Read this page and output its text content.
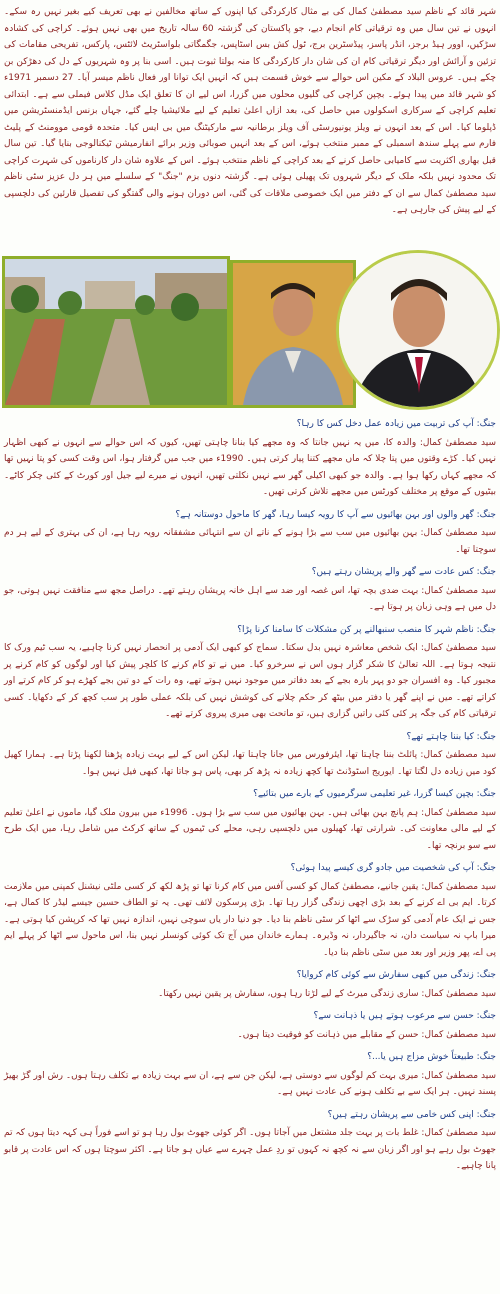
شہر قائد کے ناظم سید مصطفیٰ کمال کی بے مثال کارکردگی کیا اپنوں کے ساتھ مخالفین نے بھی تعریف کیے بغیر نہیں رہ سکے۔ انہوں نے تین سال میں وہ ترقیاتی کام انجام دیے، جو پاکستان کی گزشتہ 60 سالہ تاریخ میں بھی نہیں ہوئے۔ کراچی کی کشادہ سڑکیں، اوور ہیڈ برجز، انڈر پاسز، پیڈسٹرین برج، ٹول کش بس اسٹاپس، جگمگاتی بلواسٹریٹ لائٹس، پارکس، تفریحی مقامات کی تزئین و آرائش اور دیگر ترقیاتی کام ان کی شان دار کارکردگی کا منہ بولتا ثبوت ہیں۔ اسی بنا پر وہ شہریوں کے دل کی دھڑکن بن چکے ہیں۔ عروس البلاد کے مکین اس حوالے سے خوش قسمت ہیں کہ انہیں ایک توانا اور فعال ناظم میسر آیا۔ 27 دسمبر 1971ء کو شہر قائد میں پیدا ہوئے۔ بچپن کراچی کی گلیوں محلوں میں گزرا، اس لیے ان کا تعلق ایک مڈل کلاس فیملی سے ہے۔ ابتدائی تعلیم کراچی کے سرکاری اسکولوں میں حاصل کی، بعد ازاں اعلیٰ تعلیم کے لیے ملائیشیا چلے گئے، جہاں بزنس ایڈمنسٹریشن میں ڈپلوما کیا۔ اس کے بعد انہوں نے ویلز یونیورسٹی آف ویلز برطانیہ سے مارکیٹنگ میں بی ایس کیا۔ متحدہ قومی موومنٹ کے پلیٹ فارم سے پہلے سندھ اسمبلی کے ممبر منتخب ہوئے، اس کے بعد انہیں صوبائی وزیر برائے انفارمیشن ٹیکنالوجی بنایا گیا۔ تین سال قبل بھاری اکثریت سے کامیابی حاصل کرنے کے بعد کراچی کے ناظم منتخب ہوئے۔ اس کے علاوہ شان دار کارناموں کی شہرت کراچی تک محدود نہیں بلکہ ملک کے دیگر شہروں تک پھیلی ہوئی ہے۔ گزشتہ دنوں بزم "جنگ" کے سلسلے میں ہر دل عزیز سٹی ناظم سید مصطفیٰ کمال سے ان کے دفتر میں ایک خصوصی ملاقات کی گئی، اس دوران ہونے والی گفتگو کی تفصیل قارئین کی دلچسپی کے لیے پیش کی جارہی ہے۔

جنگ: آپ کی تربیت میں زیادہ عمل دخل کس کا رہا؟

سید مصطفیٰ کمال: والدہ کا، میں یہ نہیں جانتا کہ وہ مجھے کیا بنانا چاہتی تھیں، کیوں کہ اس حوالے سے انہوں نے کبھی اظہار نہیں کیا۔ کڑے وقتوں میں پتا چلا کہ ماں مجھے کتنا پیار کرتی ہیں۔ 1990ء میں جب میں گرفتار ہوا، اس وقت کسی کو پتا نہیں تھا کہ مجھے کہاں رکھا ہوا ہے۔ والدہ جو کبھی اکیلی گھر سے نہیں نکلتی تھیں، انہوں نے میرے لیے جیل اور کورٹ کے کئی چکر کاٹے۔ بیٹیوں کے موقع پر مختلف کورٹس میں مجھے تلاش کرتی تھیں۔

جنگ: گھر والوں اور بہن بھائیوں سے آپ کا رویہ کیسا رہا، گھر کا ماحول دوستانہ ہے؟

سید مصطفیٰ کمال: بہن بھائیوں میں سب سے بڑا ہونے کے ناتے ان سے انتہائی مشفقانہ رویہ رہا ہے، ان کی بہتری کے لیے ہر دم سوچتا تھا۔

جنگ: کس عادت سے گھر والے پریشان رہتے ہیں؟

سید مصطفیٰ کمال: بہت ضدی بچہ تھا، اس غصہ اور ضد سے اہل خانہ پریشان رہتے تھے۔ دراصل مجھ سے منافقت نہیں ہوتی، جو دل میں ہے وہی زبان پر ہوتا ہے۔

جنگ: ناظم شہر کا منصب سنبھالنے پر کن مشکلات کا سامنا کرنا پڑا؟

سید مصطفیٰ کمال: ایک شخص معاشرہ نہیں بدل سکتا۔ سماج کو کبھی ایک آدمی پر انحصار نہیں کرنا چاہیے، یہ سب ٹیم ورک کا نتیجہ ہوتا ہے۔ اللہ تعالیٰ کا شکر گزار ہوں اس نے سرخرو کیا۔ میں نے تو کام کرنے کا کلچر پیش کیا اور لوگوں کو کام کرنے پر مجبور کیا۔ وہ افسران جو دو پہر بارہ بجے کے بعد دفاتر میں موجود نہیں ہوتے تھے، وہ رات کے دو تین بجے کھڑے ہو کر کام کرتے اور کراتے تھے۔ میں نے اپنے گھر یا دفتر میں بیٹھ کر حکم چلانے کی کوشش نہیں کی بلکہ عملی طور پر سب کچھ کر کے دکھایا۔ کسی ترقیاتی کام کی جگہ پر کئی کئی راتیں گزاری ہیں، تو ماتحت بھی میری پیروی کرتے تھے۔

جنگ: کیا بننا چاہتے تھے؟

سید مصطفیٰ کمال: پائلٹ بننا چاہتا تھا، ایئرفورس میں جانا چاہتا تھا، لیکن اس کے لیے بہت زیادہ پڑھنا لکھنا پڑتا ہے۔ ہمارا کھیل کود میں زیادہ دل لگتا تھا۔ ایوریج اسٹوڈنٹ تھا کچھ زیادہ نہ پڑھ کر بھی، پاس ہو جاتا تھا، کبھی فیل نہیں ہوا۔

جنگ: بچپن کیسا گزرا، غیر تعلیمی سرگرمیوں کے بارے میں بتائیے؟

سید مصطفیٰ کمال: ہم پانچ بہن بھائی ہیں۔ بہن بھائیوں میں سب سے بڑا ہوں۔ 1996ء میں بیرون ملک گیا، ماموں نے اعلیٰ تعلیم کے لیے مالی معاونت کی۔ شرارتی تھا، کھیلوں میں دلچسپی رہی، محلے کی ٹیموں کے ساتھ کرکٹ میں شامل رہا، میں ایک طرح سے سو برنچہ تھا۔

جنگ: آپ کی شخصیت میں جادو گری کیسے پیدا ہوئی؟

سید مصطفیٰ کمال: یقین جانیے، مصطفیٰ کمال کو کسی آفس میں کام کرنا تھا تو پڑھ لکھ کر کسی ملٹی نیشنل کمپنی میں ملازمت کرتا۔ ایم بی اے کرنے کے بعد بڑی اچھی زندگی گزار رہا تھا۔ بڑی پرسکون لائف تھی۔ یہ تو الطاف حسین جیسے لیڈر کا کمال ہے، جس نے ایک عام آدمی کو سڑک سے اٹھا کر سٹی ناظم بنا دیا۔ جو دنیا دار یاں سوچی نہیں، اندازہ نہیں تھا کہ کرپشن کیا ہوتی ہے۔ میرا باپ نہ سیاست دان، نہ جاگیردار، نہ وڈیرہ۔ ہمارے خاندان میں آج تک کوئی کونسلر نہیں بنا، اس ماحول سے اٹھا کر پہلے ایم پی اے، پھر وزیر اور بعد میں سٹی ناظم بنا دیا۔

جنگ: زندگی میں کبھی سفارش سے کوئی کام کروایا؟

سید مصطفیٰ کمال: ساری زندگی میرٹ کے لیے لڑتا رہا ہوں، سفارش پر یقین نہیں رکھتا۔

جنگ: حسن سے مرعوب ہوتے ہیں یا ذہانت سے؟

سید مصطفیٰ کمال: حسن کے مقابلے میں ذہانت کو فوقیت دیتا ہوں۔

جنگ: طبیعتاً خوش مزاج ہیں یا...؟

سید مصطفیٰ کمال: میری بہت کم لوگوں سے دوستی ہے، لیکن جن سے ہے، ان سے بہت زیادہ بے تکلف رہتا ہوں۔ رش اور گڑ بھیڑ پسند نہیں۔ ہر ایک سے بے تکلف ہونے کی عادت نہیں ہے۔

جنگ: اپنی کس خامی سے پریشان رہتے ہیں؟

سید مصطفیٰ کمال: غلط بات پر بہت جلد مشتعل میں آجاتا ہوں۔ اگر کوئی جھوٹ بول رہا ہو تو اسے فوراً ہی کہہ دیتا ہوں کہ تم جھوٹ بول رہے ہو اور اگر زبان سے نہ کچھ نہ کہوں تو ردِ عمل چہرے سے عیاں ہو جاتا ہے۔ اکثر سوچتا ہوں کہ اس عادت پر قابو پانا چاہیے۔
